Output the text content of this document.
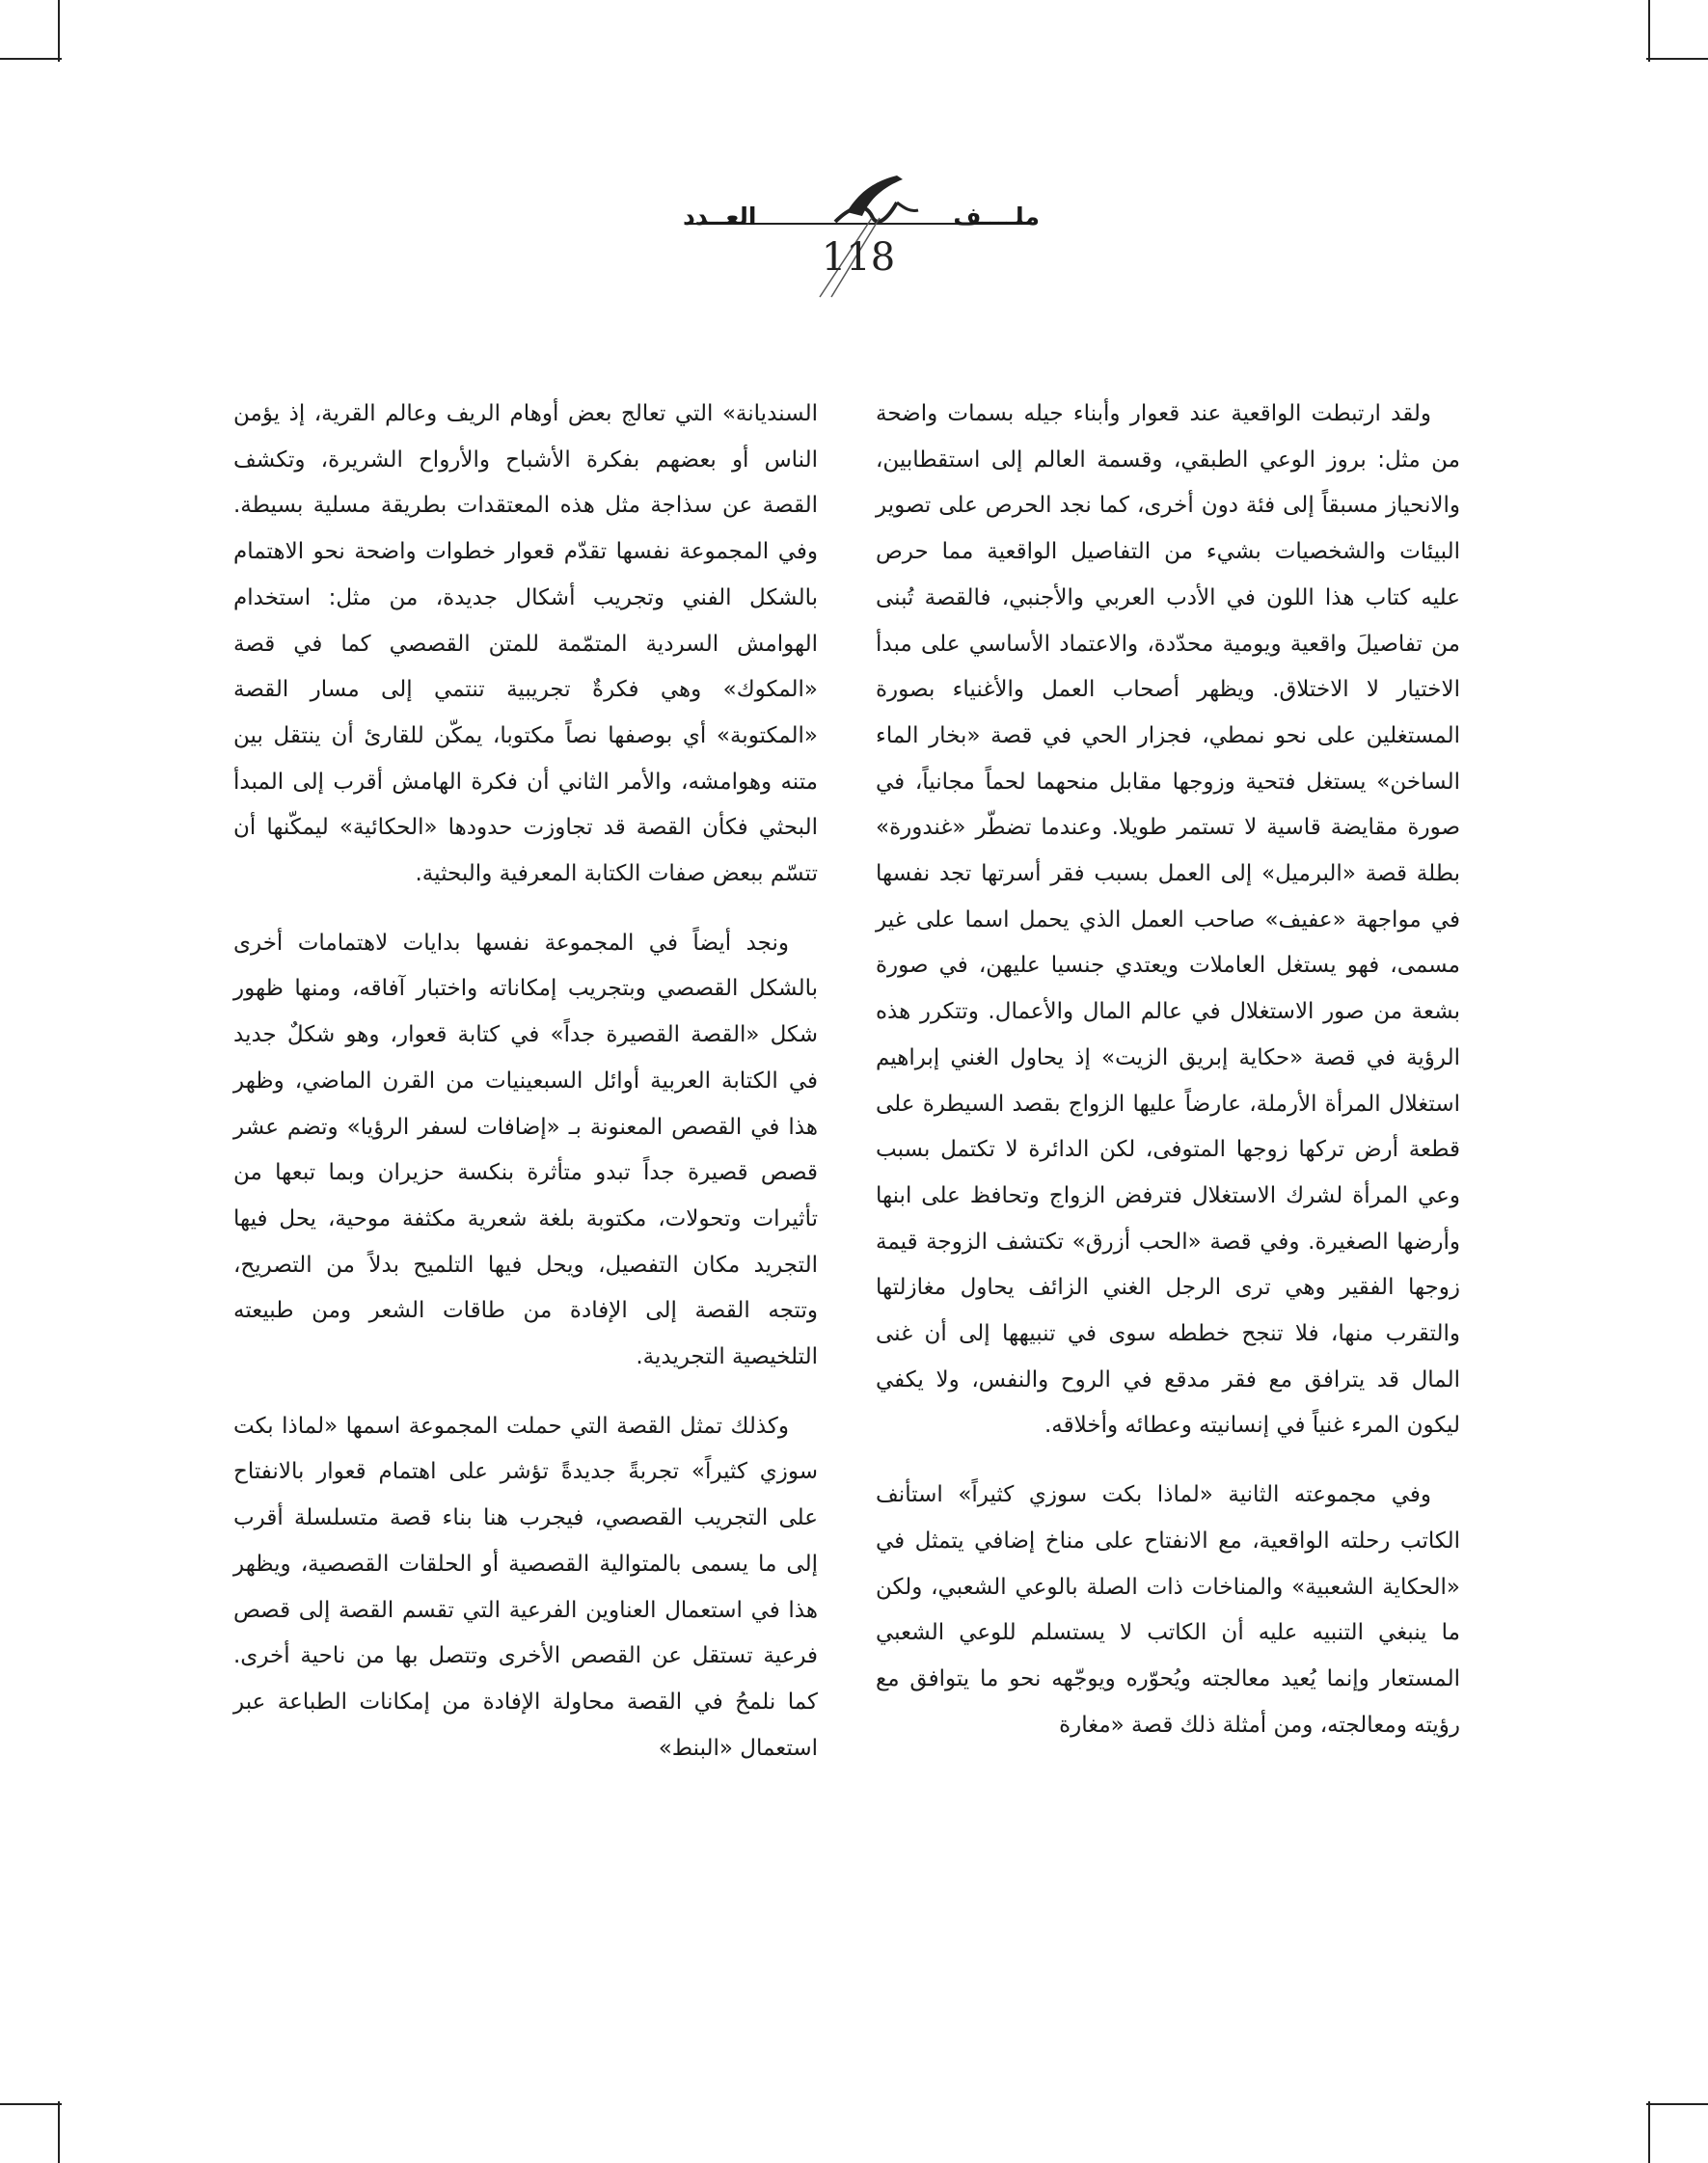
ملــــف
العــدد
118

ولقد ارتبطت الواقعية عند قعوار وأبناء جيله بسمات واضحة من مثل: بروز الوعي الطبقي، وقسمة العالم إلى استقطابين، والانحياز مسبقاً إلى فئة دون أخرى، كما نجد الحرص على تصوير البيئات والشخصيات بشيء من التفاصيل الواقعية مما حرص عليه كتاب هذا اللون في الأدب العربي والأجنبي، فالقصة تُبنى من تفاصيلَ واقعية ويومية محدّدة، والاعتماد الأساسي على مبدأ الاختيار لا الاختلاق. ويظهر أصحاب العمل والأغنياء بصورة المستغلين على نحو نمطي، فجزار الحي في قصة «بخار الماء الساخن» يستغل فتحية وزوجها مقابل منحهما لحماً مجانياً، في صورة مقايضة قاسية لا تستمر طويلا. وعندما تضطّر «غندورة» بطلة قصة «البرميل» إلى العمل بسبب فقر أسرتها تجد نفسها في مواجهة «عفيف» صاحب العمل الذي يحمل اسما على غير مسمى، فهو يستغل العاملات ويعتدي جنسيا عليهن، في صورة بشعة من صور الاستغلال في عالم المال والأعمال. وتتكرر هذه الرؤية في قصة «حكاية إبريق الزيت» إذ يحاول الغني إبراهيم استغلال المرأة الأرملة، عارضاً عليها الزواج بقصد السيطرة على قطعة أرض تركها زوجها المتوفى، لكن الدائرة لا تكتمل بسبب وعي المرأة لشرك الاستغلال فترفض الزواج وتحافظ على ابنها وأرضها الصغيرة. وفي قصة «الحب أزرق» تكتشف الزوجة قيمة زوجها الفقير وهي ترى الرجل الغني الزائف يحاول مغازلتها والتقرب منها، فلا تنجح خططه سوى في تنبيهها إلى أن غنى المال قد يترافق مع فقر مدقع في الروح والنفس، ولا يكفي ليكون المرء غنياً في إنسانيته وعطائه وأخلاقه.

وفي مجموعته الثانية «لماذا بكت سوزي كثيراً» استأنف الكاتب رحلته الواقعية، مع الانفتاح على مناخ إضافي يتمثل في «الحكاية الشعبية» والمناخات ذات الصلة بالوعي الشعبي، ولكن ما ينبغي التنبيه عليه أن الكاتب لا يستسلم للوعي الشعبي المستعار وإنما يُعيد معالجته ويُحوّره ويوجّهه نحو ما يتوافق مع رؤيته ومعالجته، ومن أمثلة ذلك قصة «مغارة

السنديانة» التي تعالج بعض أوهام الريف وعالم القرية، إذ يؤمن الناس أو بعضهم بفكرة الأشباح والأرواح الشريرة، وتكشف القصة عن سذاجة مثل هذه المعتقدات بطريقة مسلية بسيطة. وفي المجموعة نفسها تقدّم قعوار خطوات واضحة نحو الاهتمام بالشكل الفني وتجريب أشكال جديدة، من مثل: استخدام الهوامش السردية المتمّمة للمتن القصصي كما في قصة «المكوك» وهي فكرةٌ تجريبية تنتمي إلى مسار القصة «المكتوبة» أي بوصفها نصاً مكتوبا، يمكّن للقارئ أن ينتقل بين متنه وهوامشه، والأمر الثاني أن فكرة الهامش أقرب إلى المبدأ البحثي فكأن القصة قد تجاوزت حدودها «الحكائية» ليمكّنها أن تتسّم ببعض صفات الكتابة المعرفية والبحثية.

ونجد أيضاً في المجموعة نفسها بدايات لاهتمامات أخرى بالشكل القصصي وبتجريب إمكاناته واختبار آفاقه، ومنها ظهور شكل «القصة القصيرة جداً» في كتابة قعوار، وهو شكلٌ جديد في الكتابة العربية أوائل السبعينيات من القرن الماضي، وظهر هذا في القصص المعنونة بـ «إضافات لسفر الرؤيا» وتضم عشر قصص قصيرة جداً تبدو متأثرة بنكسة حزيران وبما تبعها من تأثيرات وتحولات، مكتوبة بلغة شعرية مكثفة موحية، يحل فيها التجريد مكان التفصيل، ويحل فيها التلميح بدلاً من التصريح، وتتجه القصة إلى الإفادة من طاقات الشعر ومن طبيعته التلخيصية التجريدية.

وكذلك تمثل القصة التي حملت المجموعة اسمها «لماذا بكت سوزي كثيراً» تجربةً جديدةً تؤشر على اهتمام قعوار بالانفتاح على التجريب القصصي، فيجرب هنا بناء قصة متسلسلة أقرب إلى ما يسمى بالمتوالية القصصية أو الحلقات القصصية، ويظهر هذا في استعمال العناوين الفرعية التي تقسم القصة إلى قصص فرعية تستقل عن القصص الأخرى وتتصل بها من ناحية أخرى. كما نلمحُ في القصة محاولة الإفادة من إمكانات الطباعة عبر استعمال «البنط»
